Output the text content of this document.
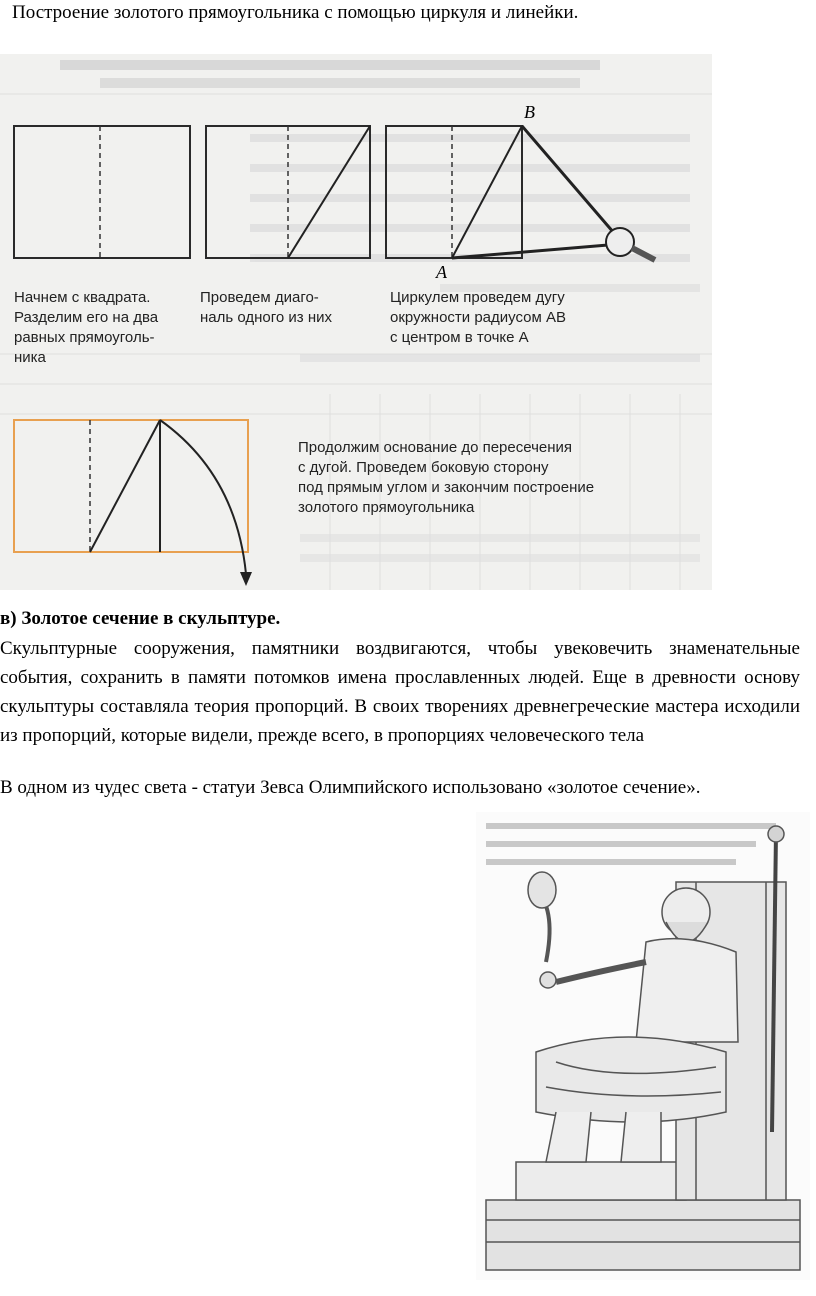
Построение золотого прямоугольника с помощью циркуля и линейки.
B
A
Начнем с квадрата. Разделим его на два равных прямоуголь- ника
Проведем диаго- наль одного из них
Циркулем проведем дугу окружности радиусом AB с центром в точке A
Продолжим основание до пересечения с дугой. Проведем боковую сторону под прямым углом и закончим построение золотого прямоугольника
в) Золотое сечение в скульптуре.
Скульптурные сооружения, памятники воздвигаются, чтобы увековечить знаменательные события, сохранить в памяти потомков имена прославленных людей. Еще в древности основу скульптуры составляла теория пропорций. В своих творениях древнегреческие мастера исходили из пропорций, которые видели, прежде всего, в пропорциях человеческого тела
В одном из чудес света - статуи Зевса Олимпийского использовано «золотое сечение».
